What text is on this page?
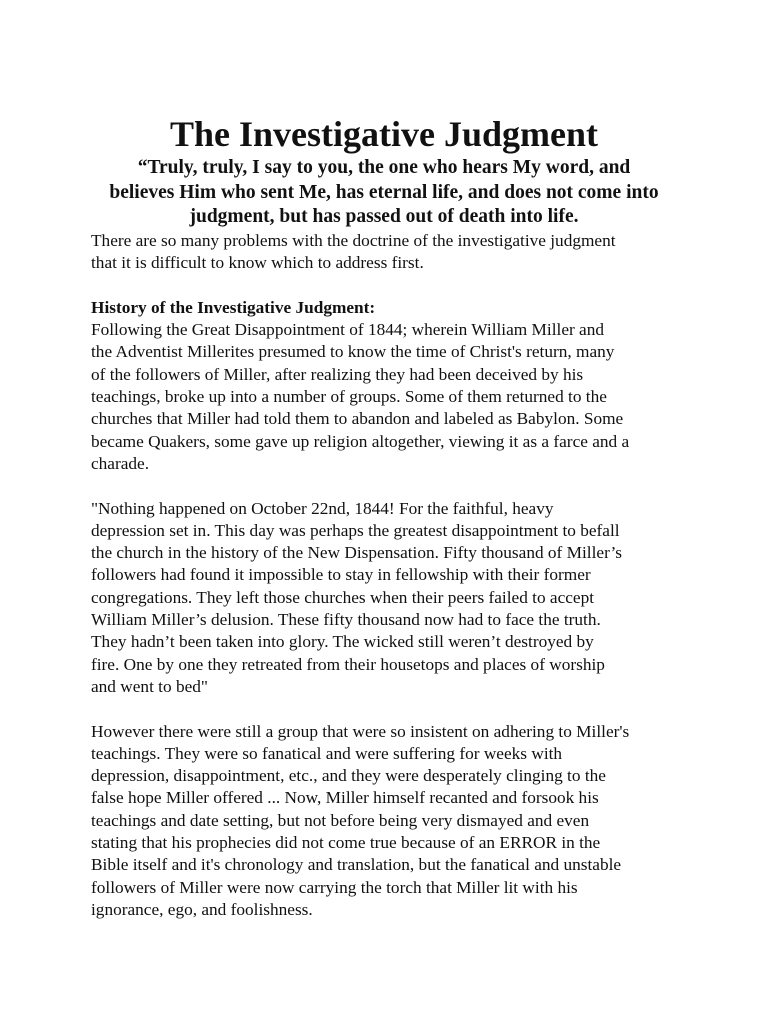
The Investigative Judgment
“Truly, truly, I say to you, the one who hears My word, and
believes Him who sent Me, has eternal life, and does not come into
judgment, but has passed out of death into life.

There are so many problems with the doctrine of the investigative judgment
that it is difficult to know which to address first.

History of the Investigative Judgment:
Following the Great Disappointment of 1844; wherein William Miller and
the Adventist Millerites presumed to know the time of Christ's return, many
of the followers of Miller, after realizing they had been deceived by his
teachings, broke up into a number of groups. Some of them returned to the
churches that Miller had told them to abandon and labeled as Babylon. Some
became Quakers, some gave up religion altogether, viewing it as a farce and a
charade.

"Nothing happened on October 22nd, 1844! For the faithful, heavy
depression set in. This day was perhaps the greatest disappointment to befall
the church in the history of the New Dispensation. Fifty thousand of Miller’s
followers had found it impossible to stay in fellowship with their former
congregations. They left those churches when their peers failed to accept
William Miller’s delusion. These fifty thousand now had to face the truth.
They hadn’t been taken into glory. The wicked still weren’t destroyed by
fire. One by one they retreated from their housetops and places of worship
and went to bed"

However there were still a group that were so insistent on adhering to Miller's
teachings. They were so fanatical and were suffering for weeks with
depression, disappointment, etc., and they were desperately clinging to the
false hope Miller offered ... Now, Miller himself recanted and forsook his
teachings and date setting, but not before being very dismayed and even
stating that his prophecies did not come true because of an ERROR in the
Bible itself and it's chronology and translation, but the fanatical and unstable
followers of Miller were now carrying the torch that Miller lit with his
ignorance, ego, and foolishness.
